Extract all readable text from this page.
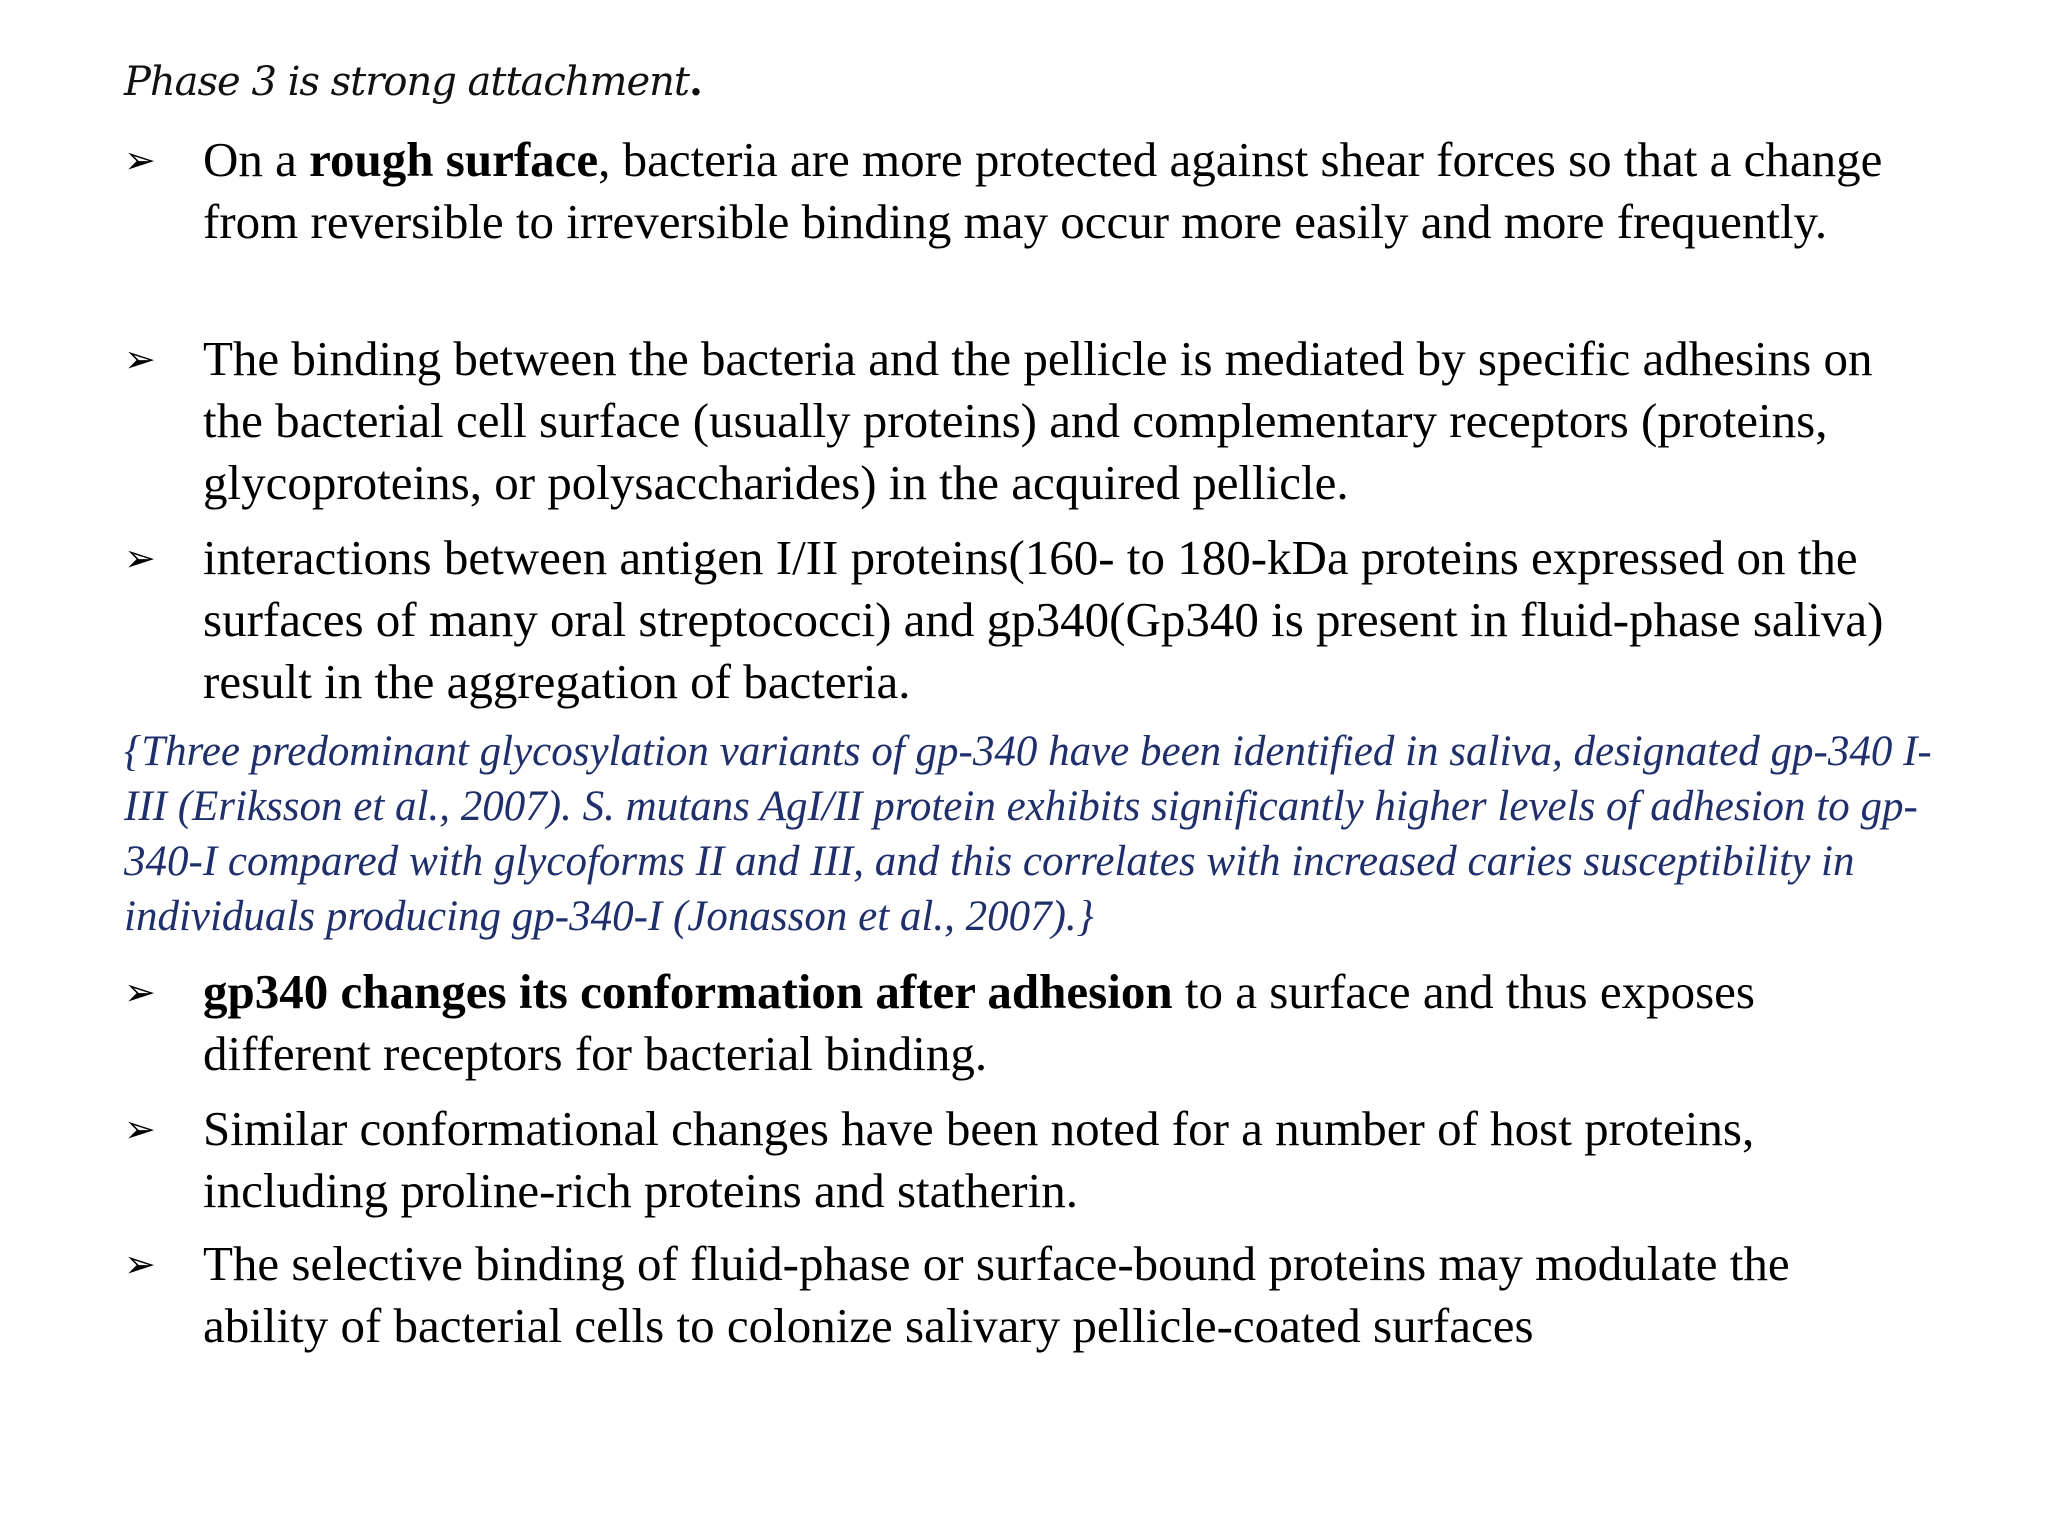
Phase 3 is strong attachment.
➢ On a rough surface, bacteria are more protected against shear forces so that a change from reversible to irreversible binding may occur more easily and more frequently.
➢ The binding between the bacteria and the pellicle is mediated by specific adhesins on the bacterial cell surface (usually proteins) and complementary receptors (proteins, glycoproteins, or polysaccharides) in the acquired pellicle.
➢ interactions between antigen I/II proteins(160- to 180-kDa proteins expressed on the surfaces of many oral streptococci) and gp340(Gp340 is present in fluid-phase saliva) result in the aggregation of bacteria.
{Three predominant glycosylation variants of gp-340 have been identified in saliva, designated gp-340 I-III (Eriksson et al., 2007). S. mutans AgI/II protein exhibits significantly higher levels of adhesion to gp-340-I compared with glycoforms II and III, and this correlates with increased caries susceptibility in individuals producing gp-340-I (Jonasson et al., 2007).}
➢ gp340 changes its conformation after adhesion to a surface and thus exposes different receptors for bacterial binding.
➢ Similar conformational changes have been noted for a number of host proteins, including proline-rich proteins and statherin.
➢ The selective binding of fluid-phase or surface-bound proteins may modulate the ability of bacterial cells to colonize salivary pellicle-coated surfaces
